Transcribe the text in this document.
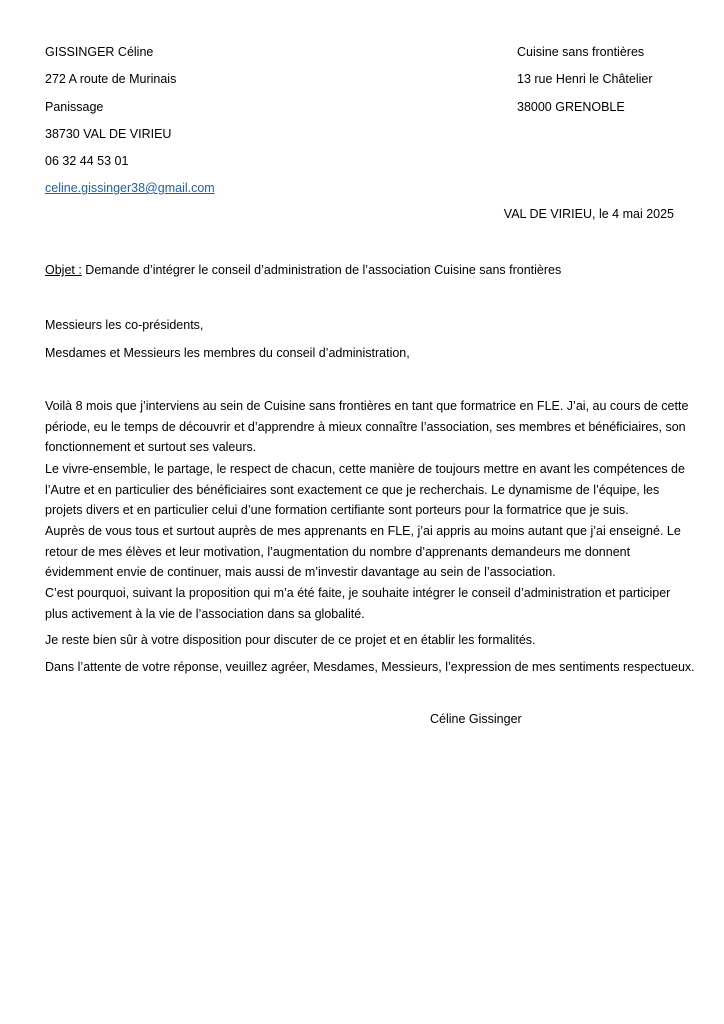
GISSINGER Céline
272 A route de Murinais
Panissage
38730 VAL DE VIRIEU
06 32 44 53 01
celine.gissinger38@gmail.com
Cuisine sans frontières
13 rue Henri le Châtelier
38000 GRENOBLE
VAL DE VIRIEU, le 4 mai 2025
Objet : Demande d’intégrer le conseil d’administration de l’association Cuisine sans frontières
Messieurs les co-présidents,
Mesdames et Messieurs les membres du conseil d’administration,
Voilà 8 mois que j’interviens au sein de Cuisine sans frontières en tant que formatrice en FLE. J’ai, au cours de cette
période, eu le temps de découvrir et d’apprendre à mieux connaître l’association, ses membres et bénéficiaires, son
fonctionnement et surtout ses valeurs.
Le vivre-ensemble, le partage, le respect de chacun, cette manière de toujours mettre en avant les compétences de
l’Autre et en particulier des bénéficiaires sont exactement ce que je recherchais. Le dynamisme de l’équipe, les
projets divers et en particulier celui d’une formation certifiante sont porteurs pour la formatrice que je suis.
Auprès de vous tous et surtout auprès de mes apprenants en FLE, j’ai appris au moins autant que j’ai enseigné. Le
retour de mes élèves et leur motivation, l’augmentation du nombre d’apprenants demandeurs me donnent
évidemment envie de continuer, mais aussi de m’investir davantage au sein de l’association.
C’est pourquoi, suivant la proposition qui m’a été faite, je souhaite intégrer le conseil d’administration et participer
plus activement à la vie de l’association dans sa globalité.
Je reste bien sûr à votre disposition pour discuter de ce projet et en établir les formalités.
Dans l’attente de votre réponse, veuillez agréer, Mesdames, Messieurs, l’expression de mes sentiments respectueux.
Céline Gissinger
